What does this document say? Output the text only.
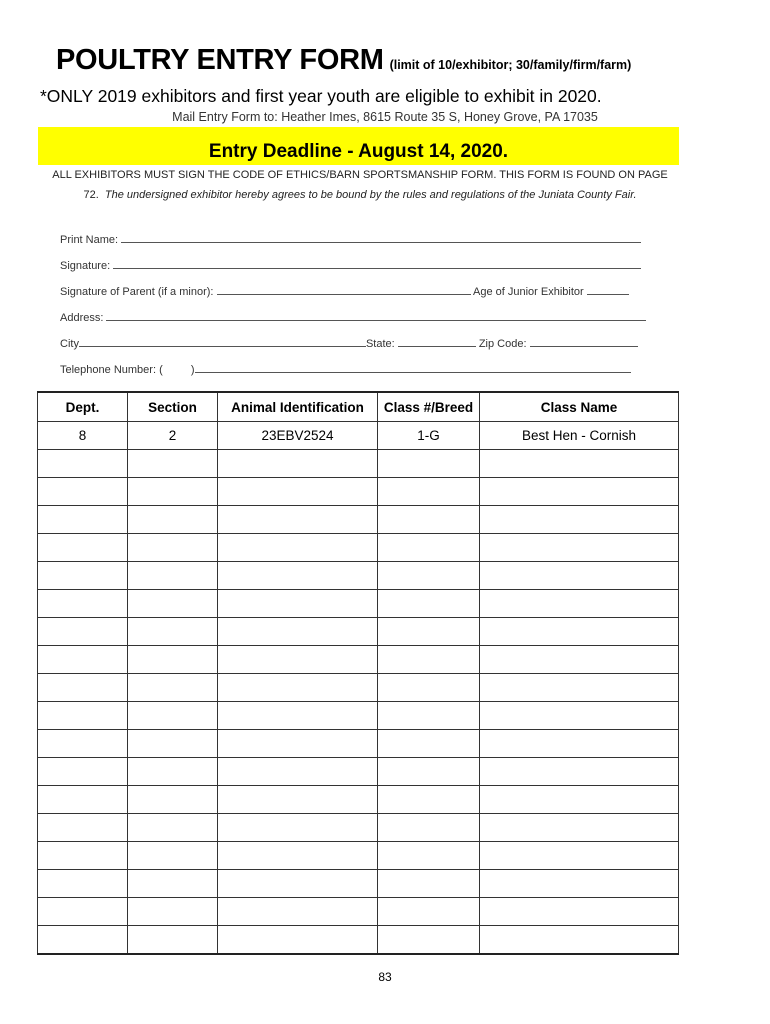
POULTRY ENTRY FORM (limit of 10/exhibitor; 30/family/firm/farm)
*ONLY 2019 exhibitors and first year youth are eligible to exhibit in 2020.
Mail Entry Form to: Heather Imes, 8615 Route 35 S, Honey Grove, PA 17035
Entry Deadline - August 14, 2020.
ALL EXHIBITORS MUST SIGN THE CODE OF ETHICS/BARN SPORTSMANSHIP FORM. THIS FORM IS FOUND ON PAGE 72. The undersigned exhibitor hereby agrees to be bound by the rules and regulations of the Juniata County Fair.
Print Name:
Signature:
Signature of Parent (if a minor):	Age of Junior Exhibitor
Address:
City	State:	Zip Code:
Telephone Number: (	)
Dept.	Section	Animal Identification	Class #/Breed	Class Name
8	2	23EBV2524	1-G	Best Hen - Cornish

83
